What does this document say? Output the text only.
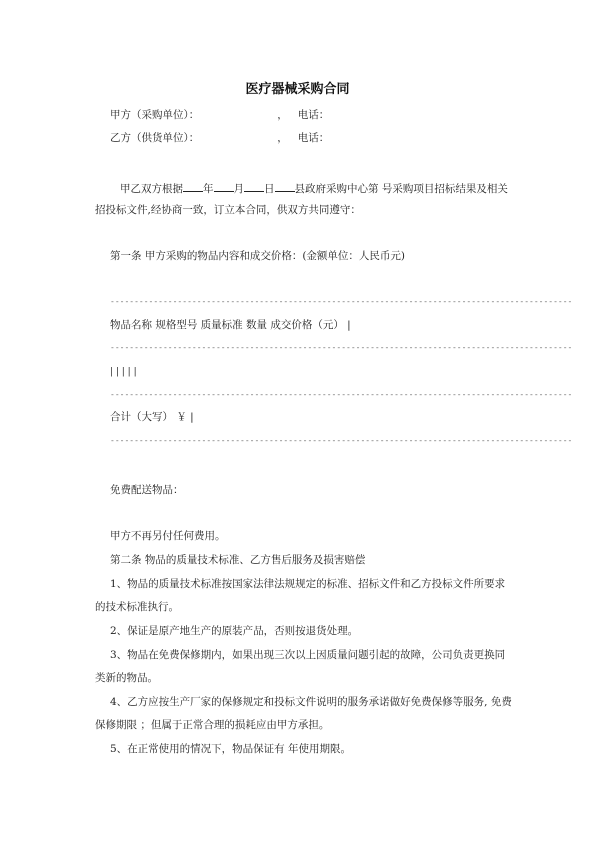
医疗器械采购合同
甲方（采购单位）：	， 电话：
乙方（供货单位）：	， 电话：
甲乙双方根据 年 月 日 县政府采购中心第 号采购项目招标结果及相关
招投标文件,经协商一致，订立本合同，供双方共同遵守：
第一条 甲方采购的物品内容和成交价格：(金额单位：人民币元)
------------------------------------------------------------------------------------------------
物品名称 规格型号 质量标准 数量 成交价格（元） |
------------------------------------------------------------------------------------------------
| | | | |
------------------------------------------------------------------------------------------------
合计（大写） ￥ |
------------------------------------------------------------------------------------------------
免费配送物品：
甲方不再另付任何费用。
第二条 物品的质量技术标准、乙方售后服务及损害赔偿
1、物品的质量技术标准按国家法律法规规定的标准、招标文件和乙方投标文件所要求
的技术标准执行。
2、保证是原产地生产的原装产品，否则按退货处理。
3、物品在免费保修期内，如果出现三次以上因质量问题引起的故障，公司负责更换同
类新的物品。
4、乙方应按生产厂家的保修规定和投标文件说明的服务承诺做好免费保修等服务, 免费
保修期限 ；但属于正常合理的损耗应由甲方承担。
5、在正常使用的情况下，物品保证有 年使用期限。
